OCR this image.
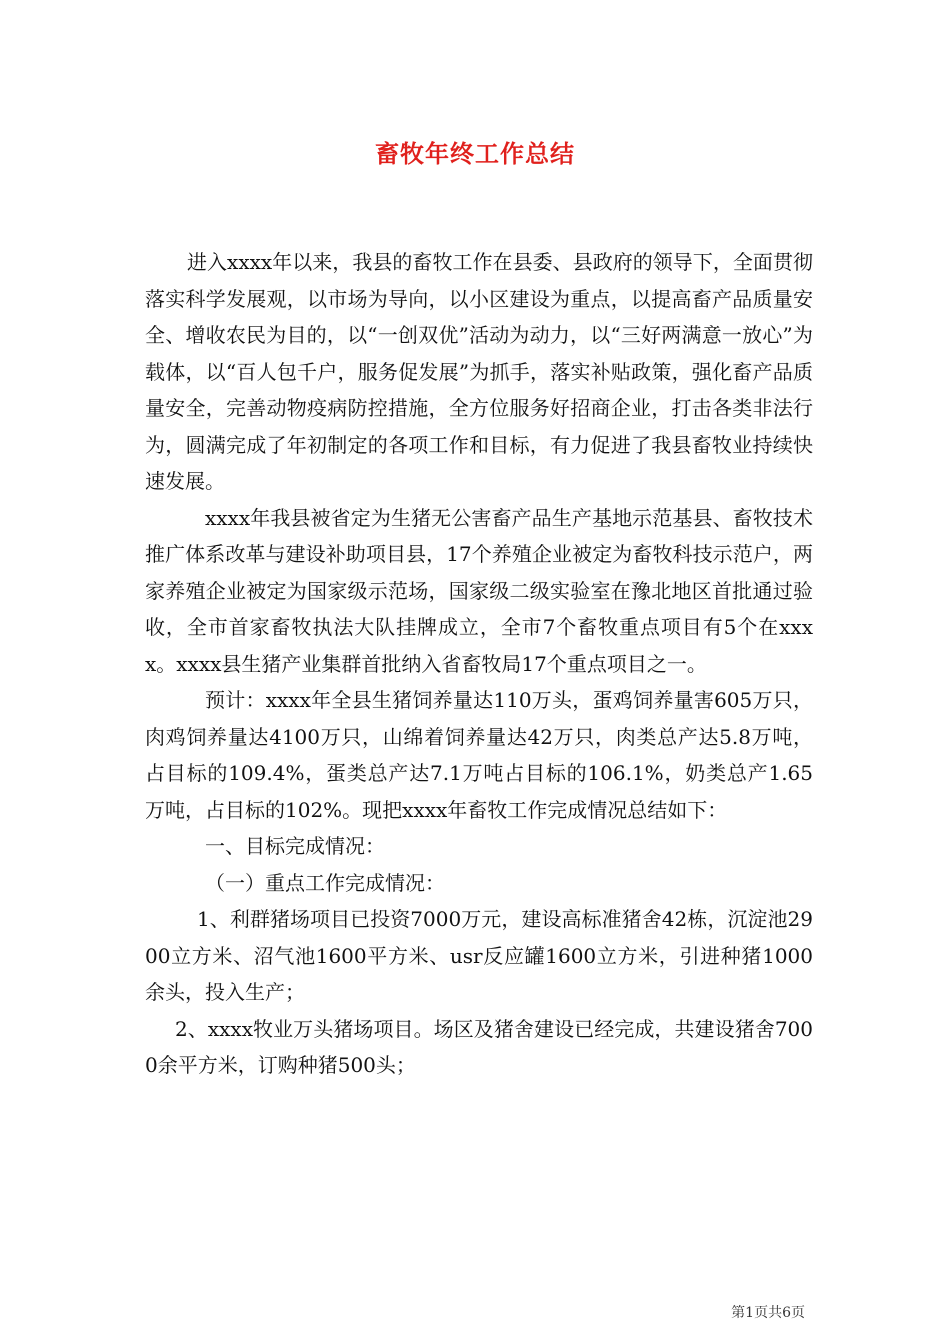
畜牧年终工作总结

进入xxxx年以来，我县的畜牧工作在县委、县政府的领导下，全面贯彻落实科学发展观，以市场为导向，以小区建设为重点，以提高畜产品质量安全、增收农民为目的，以“一创双优”活动为动力，以“三好两满意一放心”为载体，以“百人包千户，服务促发展”为抓手，落实补贴政策，强化畜产品质量安全，完善动物疫病防控措施，全方位服务好招商企业，打击各类非法行为，圆满完成了年初制定的各项工作和目标，有力促进了我县畜牧业持续快速发展。

xxxx年我县被省定为生猪无公害畜产品生产基地示范基县、畜牧技术推广体系改革与建设补助项目县，17个养殖企业被定为畜牧科技示范户，两家养殖企业被定为国家级示范场，国家级二级实验室在豫北地区首批通过验收，全市首家畜牧执法大队挂牌成立，全市7个畜牧重点项目有5个在xxxx。xxxx县生猪产业集群首批纳入省畜牧局17个重点项目之一。

预计：xxxx年全县生猪饲养量达110万头，蛋鸡饲养量害605万只，肉鸡饲养量达4100万只，山绵着饲养量达42万只，肉类总产达5.8万吨，占目标的109.4%，蛋类总产达7.1万吨占目标的106.1%，奶类总产1.65万吨，占目标的102%。现把xxxx年畜牧工作完成情况总结如下：

一、目标完成情况：

（一）重点工作完成情况：

1、利群猪场项目已投资7000万元，建设高标准猪舍42栋，沉淀池2900立方米、沼气池1600平方米、usr反应罐1600立方米，引进种猪1000余头，投入生产；

2、xxxx牧业万头猪场项目。场区及猪舍建设已经完成，共建设猪舍7000余平方米，订购种猪500头；

第1页共6页
